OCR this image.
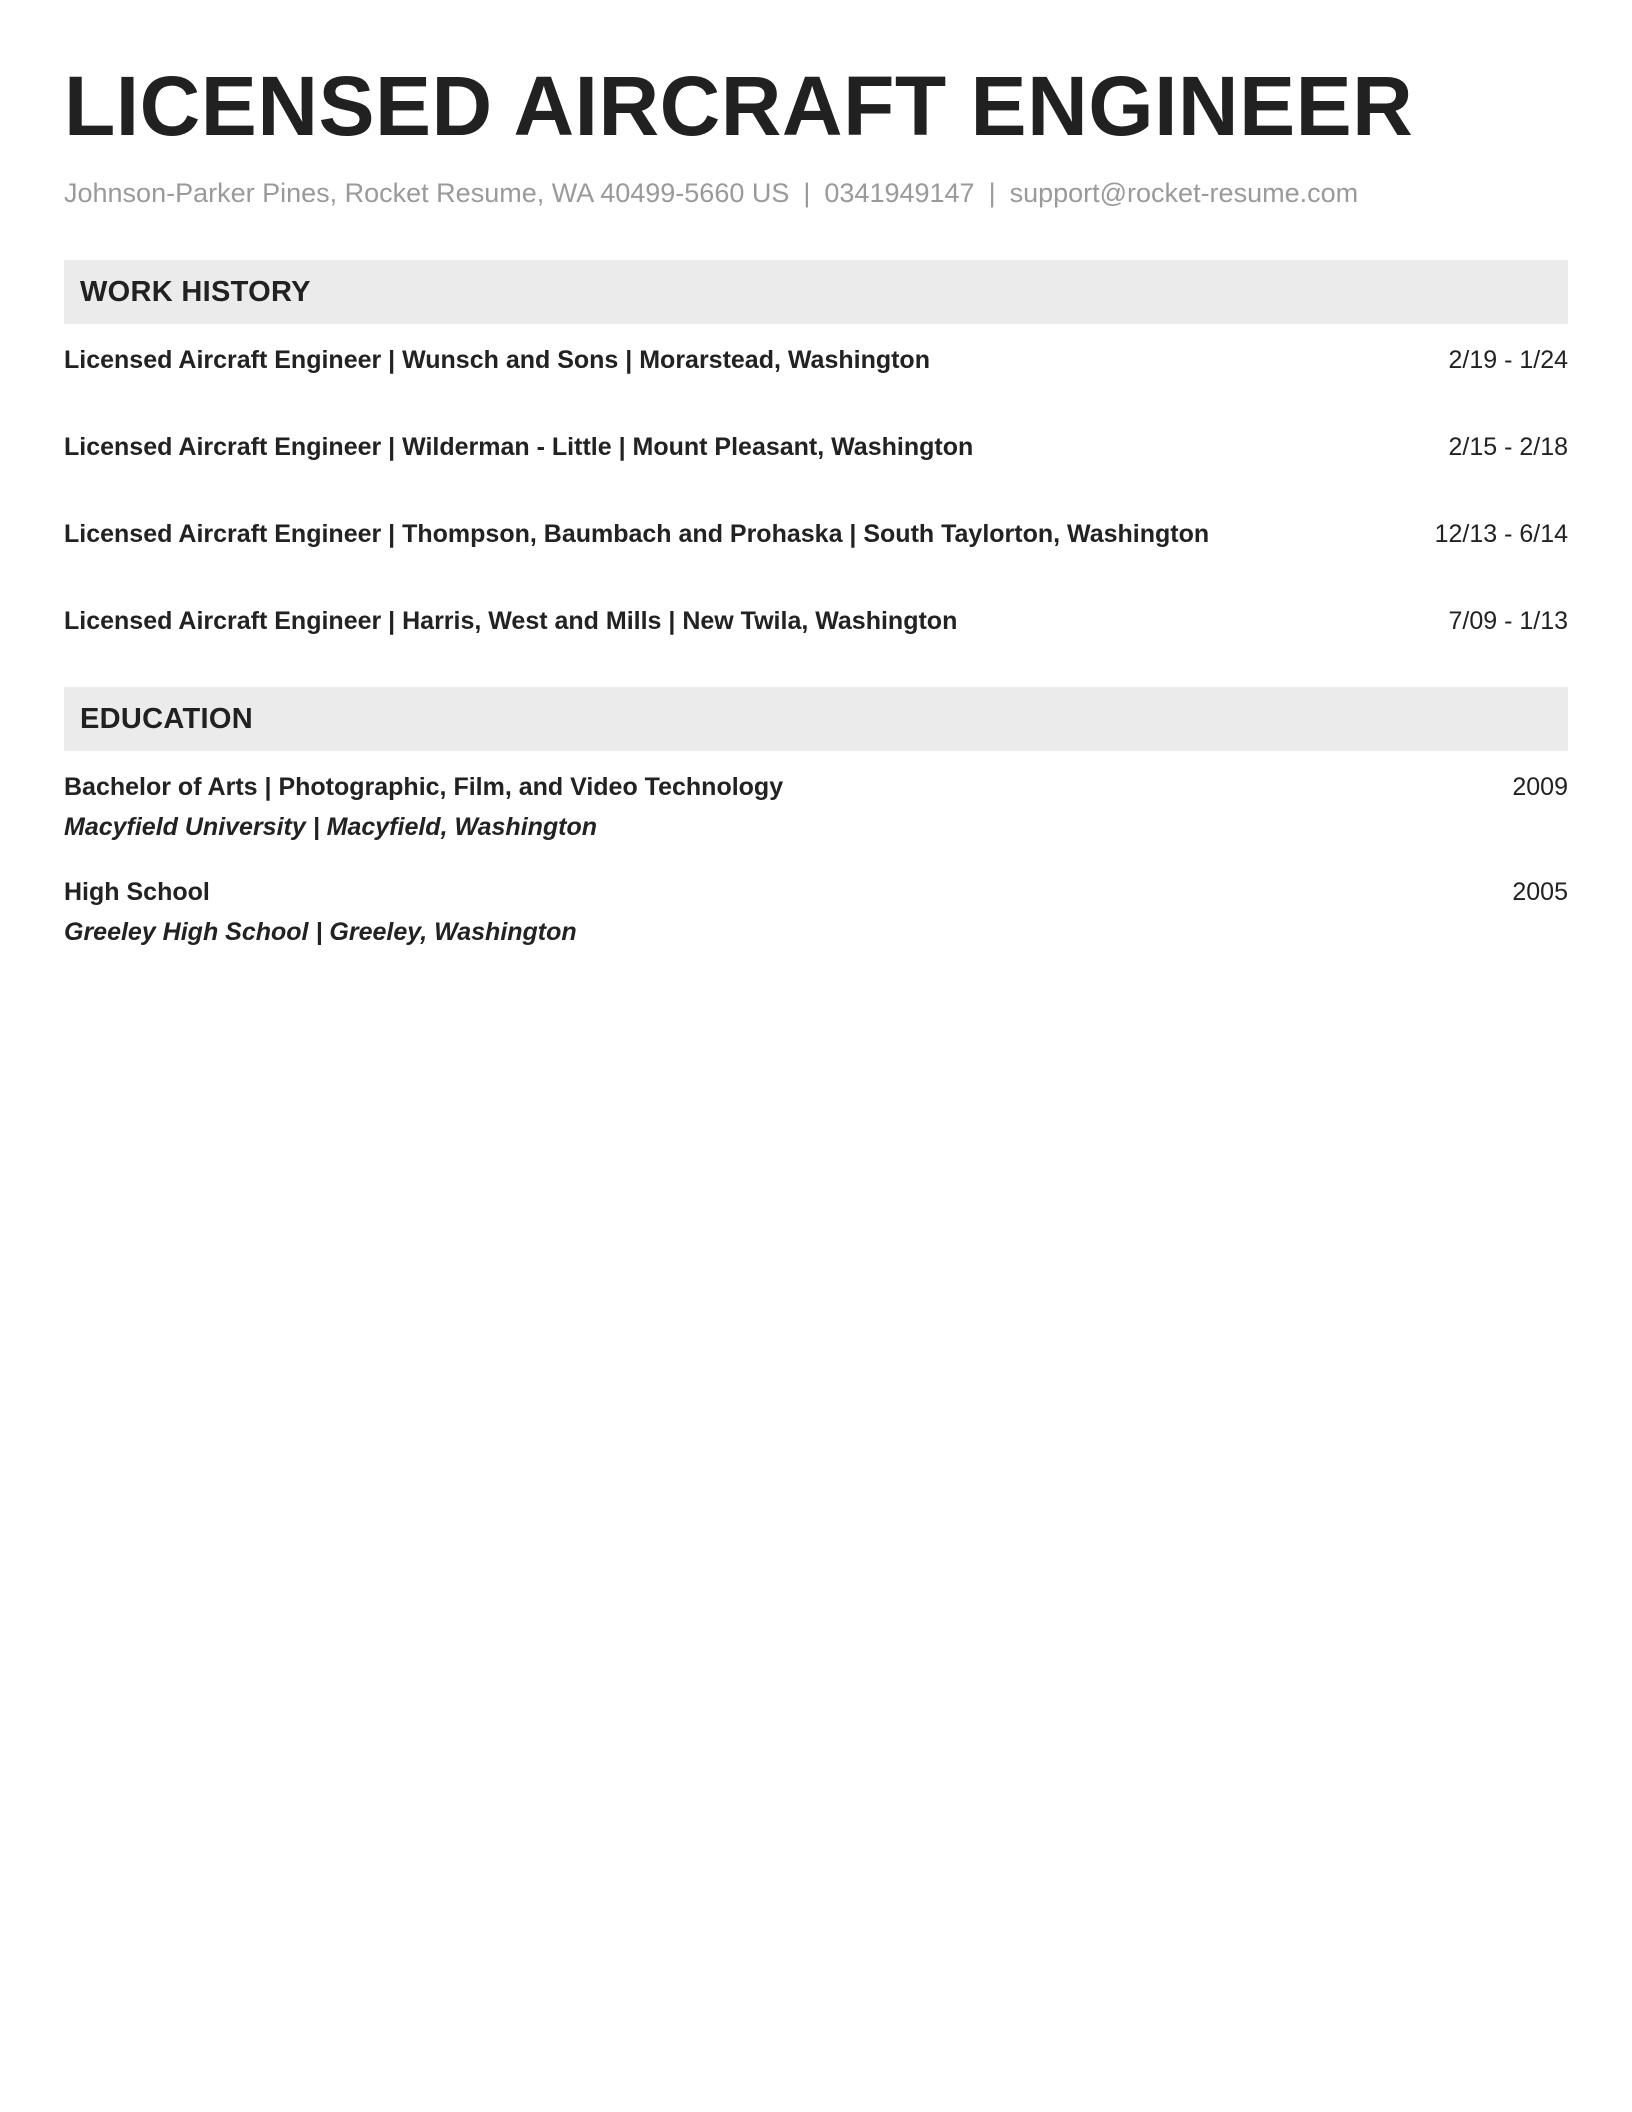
LICENSED AIRCRAFT ENGINEER
Johnson-Parker Pines, Rocket Resume, WA 40499-5660 US | 0341949147 | support@rocket-resume.com
WORK HISTORY
Licensed Aircraft Engineer | Wunsch and Sons | Morarstead, Washington	2/19 - 1/24
Licensed Aircraft Engineer | Wilderman - Little | Mount Pleasant, Washington	2/15 - 2/18
Licensed Aircraft Engineer | Thompson, Baumbach and Prohaska | South Taylorton, Washington	12/13 - 6/14
Licensed Aircraft Engineer | Harris, West and Mills | New Twila, Washington	7/09 - 1/13
EDUCATION
Bachelor of Arts | Photographic, Film, and Video Technology	2009
Macyfield University | Macyfield, Washington
High School	2005
Greeley High School | Greeley, Washington
